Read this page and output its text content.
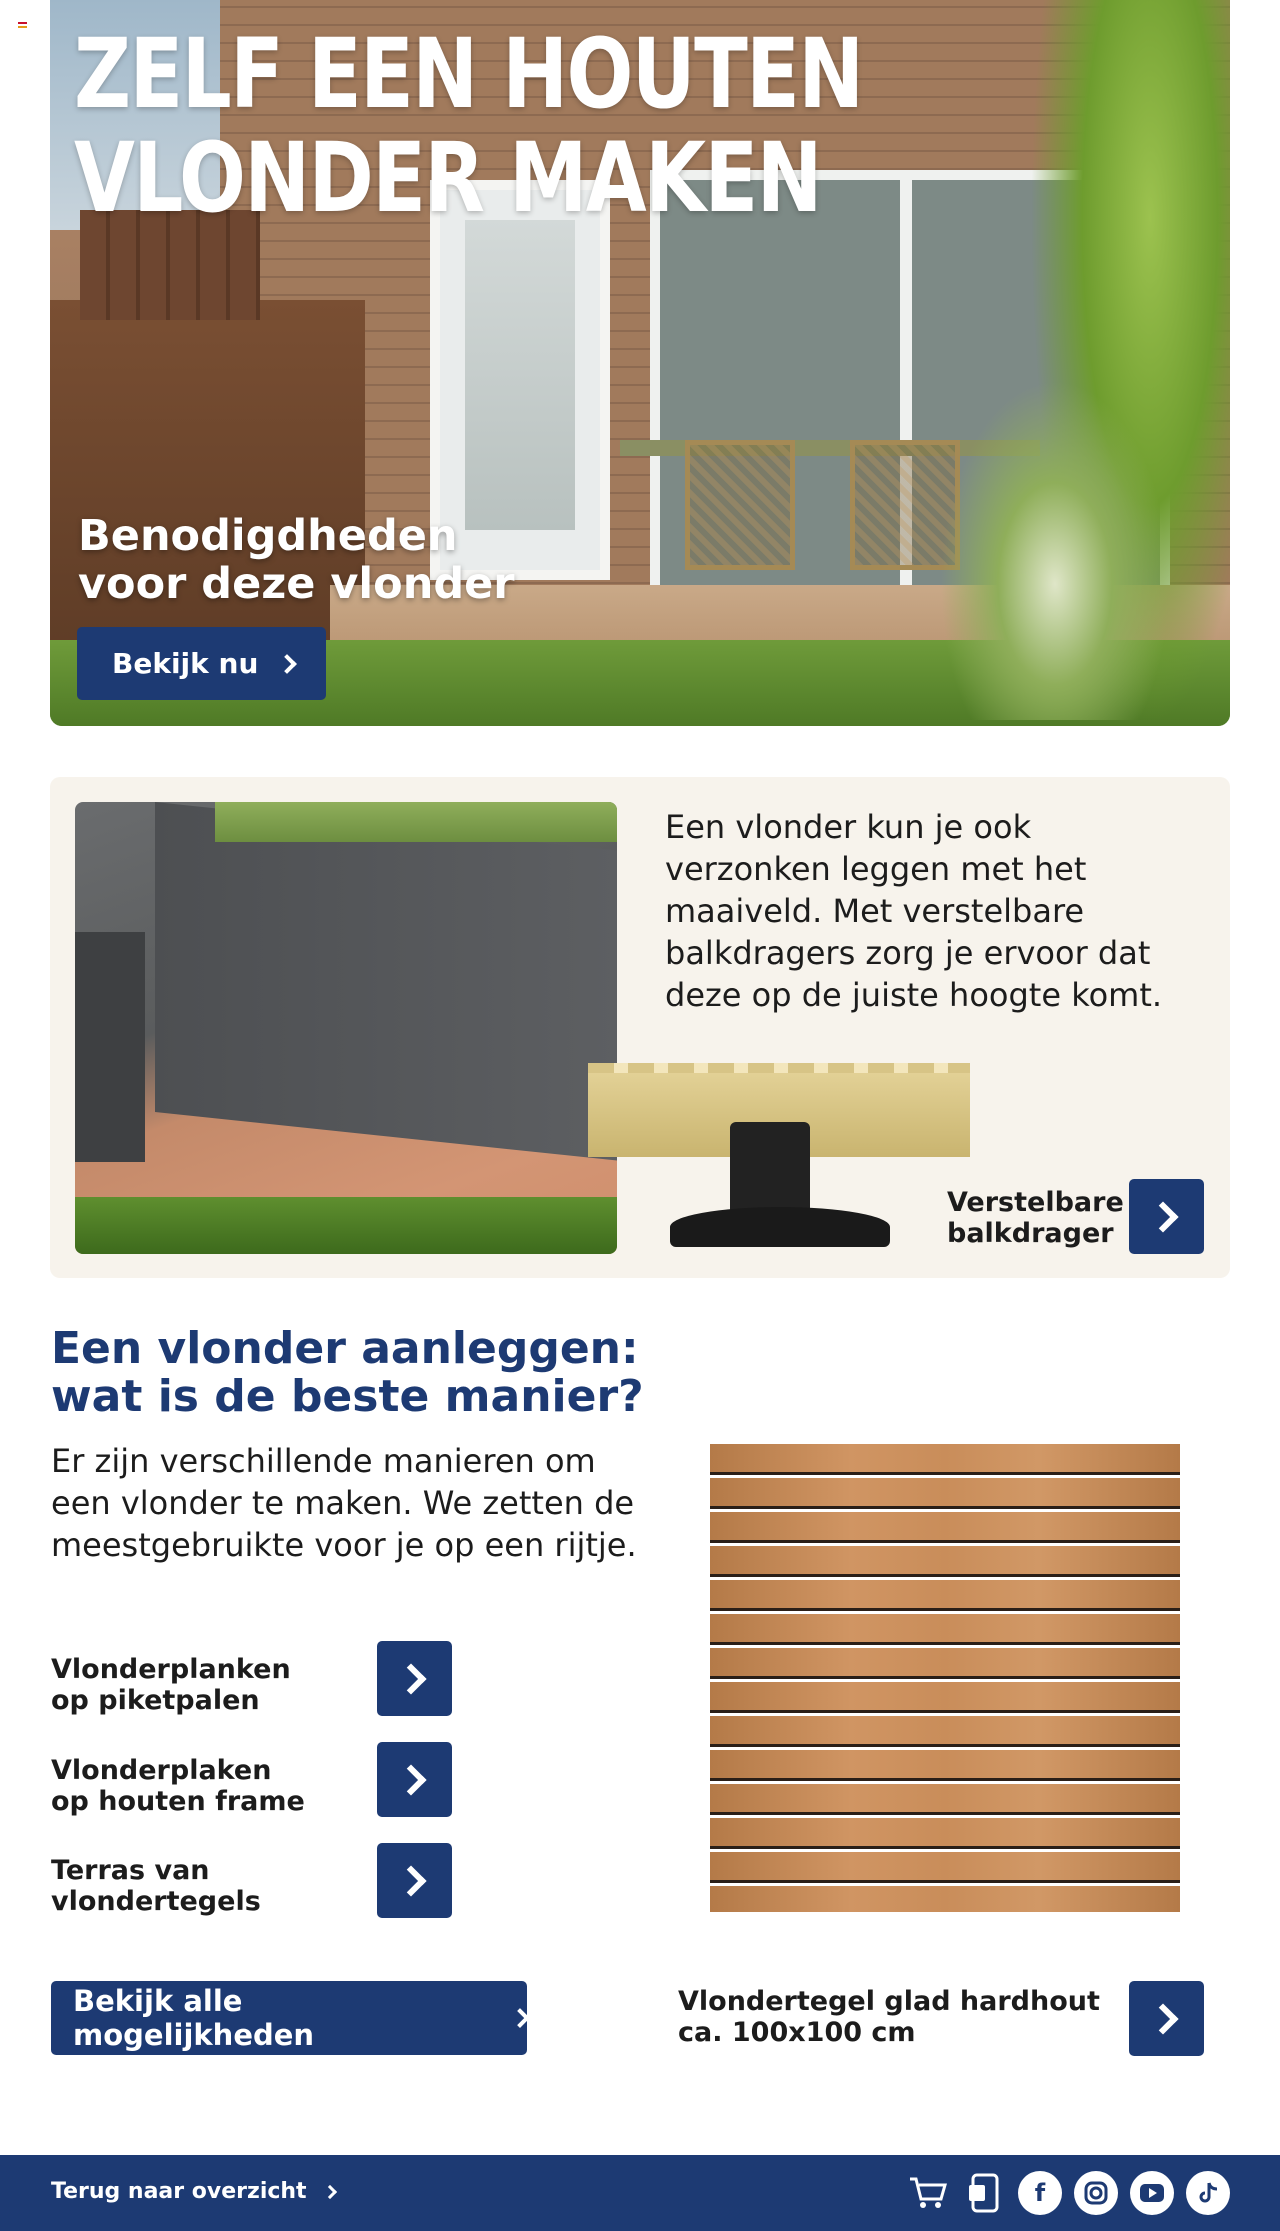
ZELF EEN HOUTEN
VLONDER MAKEN
Benodigdheden
voor deze vlonder
Bekijk nu
Een vlonder kun je ook verzonken leggen met het maaiveld. Met verstelbare balkdragers zorg je ervoor dat deze op de juiste hoogte komt.
Verstelbare
balkdrager
Een vlonder aanleggen:
wat is de beste manier?
Er zijn verschillende manieren om een vlonder te maken. We zetten de meestgebruikte voor je op een rijtje.
Vlonderplanken
op piketpalen
Vlonderplaken
op houten frame
Terras van
vlondertegels
Bekijk alle mogelijkheden
Vlondertegel glad hardhout
ca. 100x100 cm
Terug naar overzicht	f
